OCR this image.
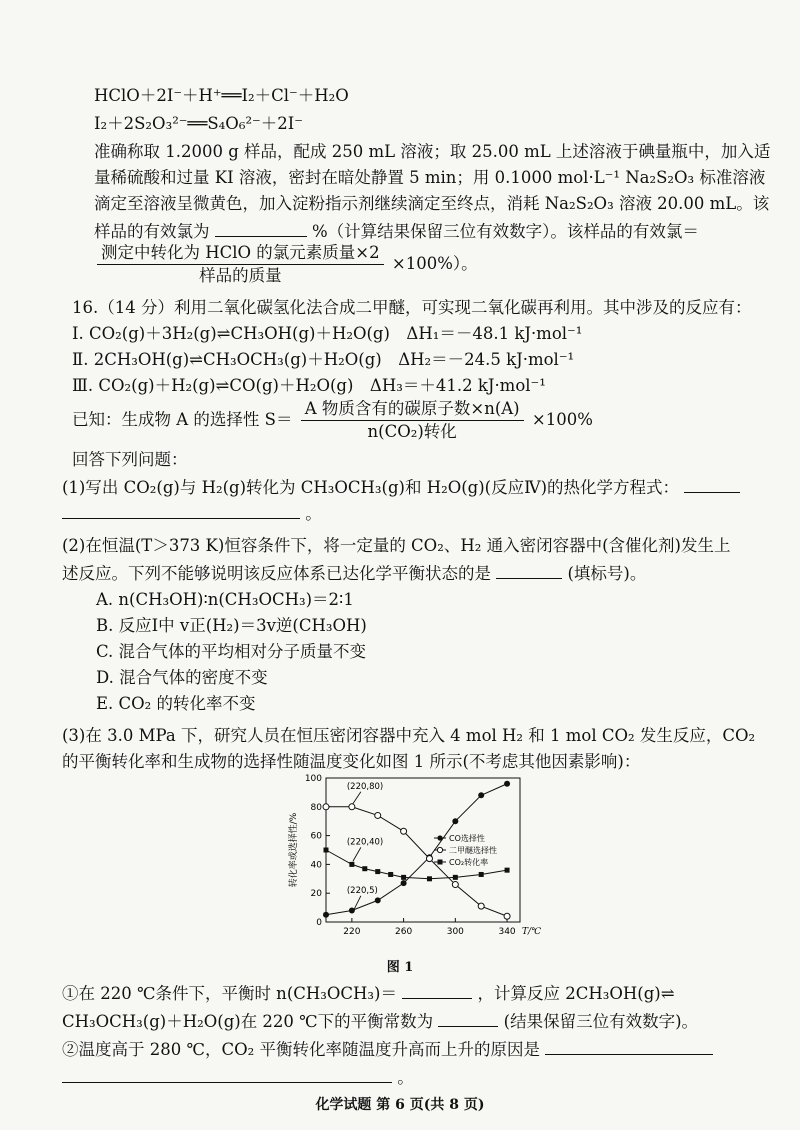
HClO＋2I⁻＋H⁺══I₂＋Cl⁻＋H₂O
I₂＋2S₂O₃²⁻══S₄O₆²⁻＋2I⁻
准确称取 1.2000 g 样品，配成 250 mL 溶液；取 25.00 mL 上述溶液于碘量瓶中，加入适
量稀硫酸和过量 KI 溶液，密封在暗处静置 5 min；用 0.1000 mol·L⁻¹ Na₂S₂O₃ 标准溶液
滴定至溶液呈微黄色，加入淀粉指示剂继续滴定至终点，消耗 Na₂S₂O₃ 溶液 20.00 mL。该
样品的有效氯为	%（计算结果保留三位有效数字）。该样品的有效氯＝
$\frac{\text{测定中转化为 HClO 的氯元素质量×2}}{\text{样品的质量}} \times 100\%$）。
16.（14 分）利用二氧化碳氢化法合成二甲醚，可实现二氧化碳再利用。其中涉及的反应有：
Ⅰ. CO₂(g)＋3H₂(g)⇌CH₃OH(g)＋H₂O(g)　ΔH₁＝－48.1 kJ·mol⁻¹
Ⅱ. 2CH₃OH(g)⇌CH₃OCH₃(g)＋H₂O(g)　ΔH₂＝－24.5 kJ·mol⁻¹
Ⅲ. CO₂(g)＋H₂(g)⇌CO(g)＋H₂O(g)　ΔH₃＝＋41.2 kJ·mol⁻¹
已知：生成物 A 的选择性 $S= \frac{\text{A 物质含有的碳原子数×n(A)}}{\text{n(CO₂)转化}} \times 100\%$
回答下列问题：
(1)写出 CO₂(g)与 H₂(g)转化为 CH₃OCH₃(g)和 H₂O(g)(反应Ⅳ)的热化学方程式：
。
(2)在恒温(T＞373 K)恒容条件下，将一定量的 CO₂、H₂ 通入密闭容器中(含催化剂)发生上
述反应。下列不能够说明该反应体系已达化学平衡状态的是	(填标号)。
A. n(CH₃OH)∶n(CH₃OCH₃)＝2∶1
B. 反应Ⅰ中 v正(H₂)＝3v逆(CH₃OH)
C. 混合气体的平均相对分子质量不变
D. 混合气体的密度不变
E. CO₂ 的转化率不变
(3)在 3.0 MPa 下，研究人员在恒压密闭容器中充入 4 mol H₂ 和 1 mol CO₂ 发生反应，CO₂
的平衡转化率和生成物的选择性随温度变化如图 1 所示(不考虑其他因素影响)：
0
20
40
60
80
100
220	260	300	340 T/℃
转化率或选择性/%	CO选择性
二甲醚选择性
CO₂转化率
(220,80)
(220,40)
(220,5)
图 1
①在 220 ℃条件下，平衡时 n(CH₃OCH₃)＝	，计算反应 2CH₃OH(g)⇌
CH₃OCH₃(g)＋H₂O(g)在 220 ℃下的平衡常数为	(结果保留三位有效数字)。
②温度高于 280 ℃，CO₂ 平衡转化率随温度升高而上升的原因是
。
化学试题 第 6 页(共 8 页)
